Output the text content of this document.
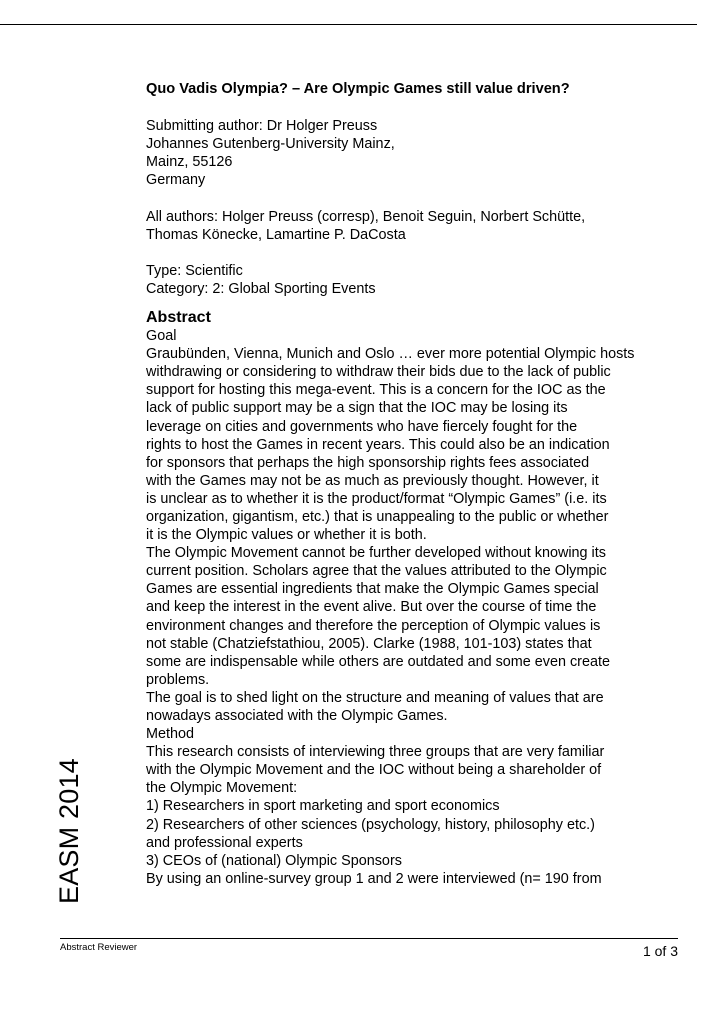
EASM 2014
Quo Vadis Olympia? – Are Olympic Games still value driven?
Submitting author: Dr Holger Preuss
Johannes Gutenberg-University Mainz,
Mainz, 55126
Germany
All authors: Holger Preuss (corresp), Benoit Seguin, Norbert Schütte,
Thomas Könecke, Lamartine P. DaCosta
Type: Scientific
Category: 2: Global Sporting Events
Abstract
Goal
Graubünden, Vienna, Munich and Oslo … ever more potential Olympic hosts
withdrawing or considering to withdraw their bids due to the lack of public
support for hosting this mega-event. This is a concern for the IOC as the
lack of public support may be a sign that the IOC may be losing its
leverage on cities and governments who have fiercely fought for the
rights to host the Games in recent years. This could also be an indication
for sponsors that perhaps the high sponsorship rights fees associated
with the Games may not be as much as previously thought. However, it
is unclear as to whether it is the product/format “Olympic Games” (i.e. its
organization, gigantism, etc.) that is unappealing to the public or whether
it is the Olympic values or whether it is both.
The Olympic Movement cannot be further developed without knowing its
current position. Scholars agree that the values attributed to the Olympic
Games are essential ingredients that make the Olympic Games special
and keep the interest in the event alive. But over the course of time the
environment changes and therefore the perception of Olympic values is
not stable (Chatziefstathiou, 2005). Clarke (1988, 101-103) states that
some are indispensable while others are outdated and some even create
problems.
The goal is to shed light on the structure and meaning of values that are
nowadays associated with the Olympic Games.
Method
This research consists of interviewing three groups that are very familiar
with the Olympic Movement and the IOC without being a shareholder of
the Olympic Movement:
1) Researchers in sport marketing and sport economics
2) Researchers of other sciences (psychology, history, philosophy etc.)
and professional experts
3) CEOs of (national) Olympic Sponsors
By using an online-survey group 1 and 2 were interviewed (n= 190 from
Abstract Reviewer	1 of 3
